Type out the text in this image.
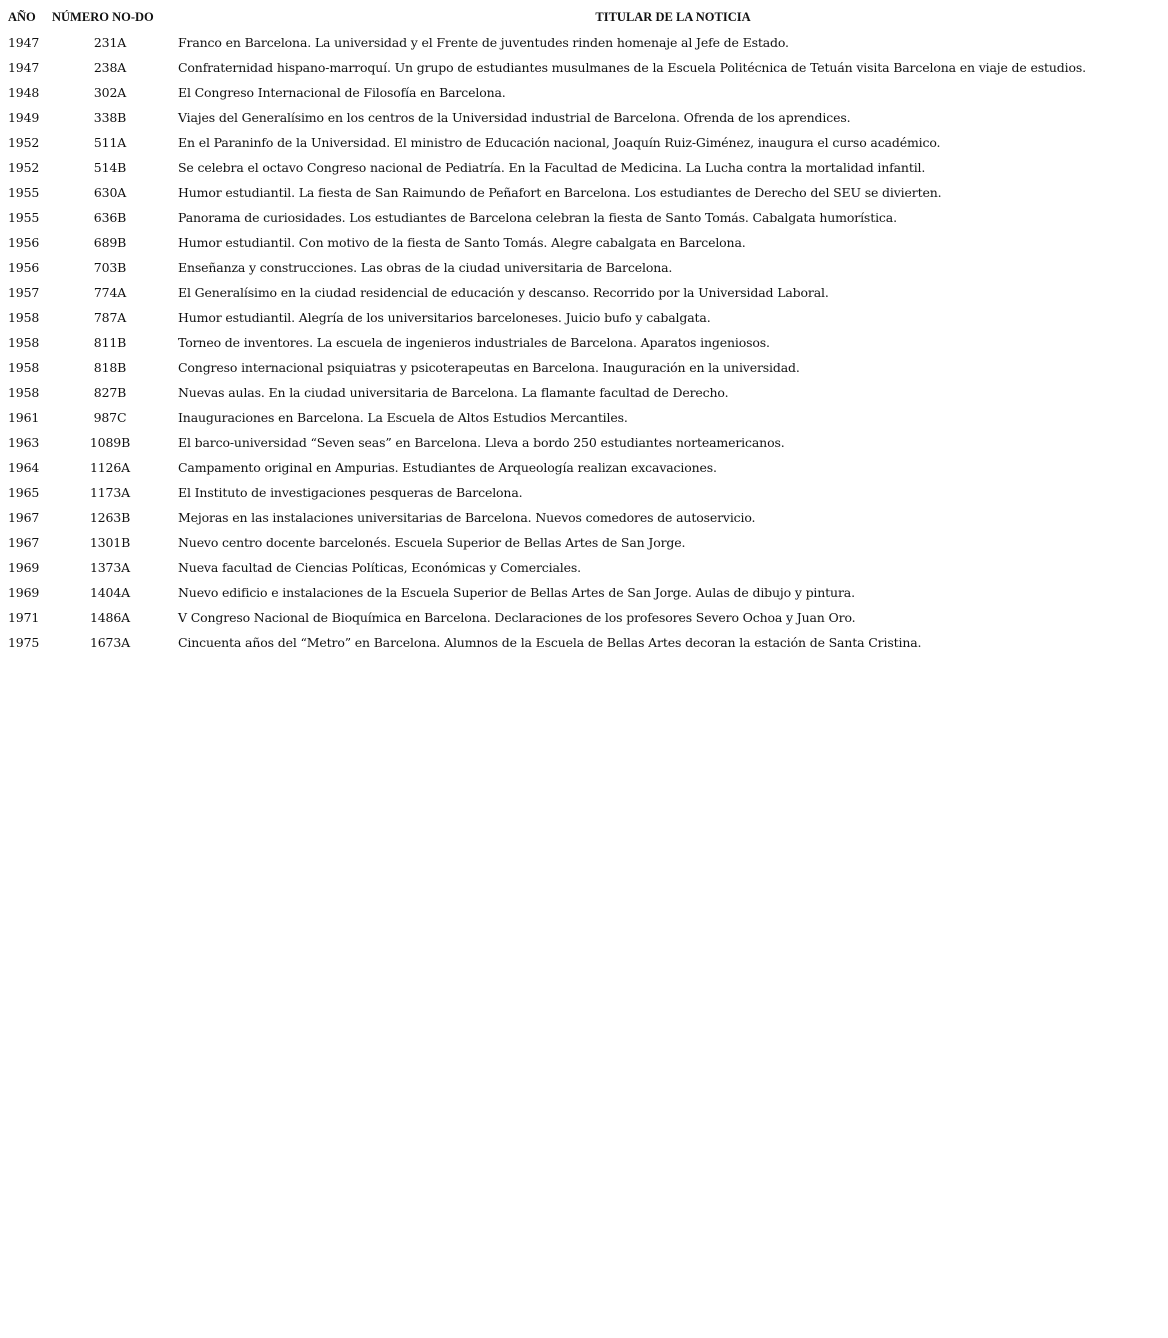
AÑO	NÚMERO NO-DO	TITULAR DE LA NOTICIA
1947	231A	Franco en Barcelona. La universidad y el Frente de juventudes rinden homenaje al Jefe de Estado.
1947	238A	Confraternidad hispano-marroquí. Un grupo de estudiantes musulmanes de la Escuela Politécnica de Tetuán visita Barcelona en viaje de estudios.
1948	302A	El Congreso Internacional de Filosofía en Barcelona.
1949	338B	Viajes del Generalísimo en los centros de la Universidad industrial de Barcelona. Ofrenda de los aprendices.
1952	511A	En el Paraninfo de la Universidad. El ministro de Educación nacional, Joaquín Ruiz-Giménez, inaugura el curso académico.
1952	514B	Se celebra el octavo Congreso nacional de Pediatría. En la Facultad de Medicina. La Lucha contra la mortalidad infantil.
1955	630A	Humor estudiantil. La fiesta de San Raimundo de Peñafort en Barcelona. Los estudiantes de Derecho del SEU se divierten.
1955	636B	Panorama de curiosidades. Los estudiantes de Barcelona celebran la fiesta de Santo Tomás. Cabalgata humorística.
1956	689B	Humor estudiantil. Con motivo de la fiesta de Santo Tomás. Alegre cabalgata en Barcelona.
1956	703B	Enseñanza y construcciones. Las obras de la ciudad universitaria de Barcelona.
1957	774A	El Generalísimo en la ciudad residencial de educación y descanso. Recorrido por la Universidad Laboral.
1958	787A	Humor estudiantil. Alegría de los universitarios barceloneses. Juicio bufo y cabalgata.
1958	811B	Torneo de inventores. La escuela de ingenieros industriales de Barcelona. Aparatos ingeniosos.
1958	818B	Congreso internacional psiquiatras y psicoterapeutas en Barcelona. Inauguración en la universidad.
1958	827B	Nuevas aulas. En la ciudad universitaria de Barcelona. La flamante facultad de Derecho.
1961	987C	Inauguraciones en Barcelona. La Escuela de Altos Estudios Mercantiles.
1963	1089B	El barco-universidad “Seven seas” en Barcelona. Lleva a bordo 250 estudiantes norteamericanos.
1964	1126A	Campamento original en Ampurias. Estudiantes de Arqueología realizan excavaciones.
1965	1173A	El Instituto de investigaciones pesqueras de Barcelona.
1967	1263B	Mejoras en las instalaciones universitarias de Barcelona. Nuevos comedores de autoservicio.
1967	1301B	Nuevo centro docente barcelonés. Escuela Superior de Bellas Artes de San Jorge.
1969	1373A	Nueva facultad de Ciencias Políticas, Económicas y Comerciales.
1969	1404A	Nuevo edificio e instalaciones de la Escuela Superior de Bellas Artes de San Jorge. Aulas de dibujo y pintura.
1971	1486A	V Congreso Nacional de Bioquímica en Barcelona. Declaraciones de los profesores Severo Ochoa y Juan Oro.
1975	1673A	Cincuenta años del “Metro” en Barcelona. Alumnos de la Escuela de Bellas Artes decoran la estación de Santa Cristina.
